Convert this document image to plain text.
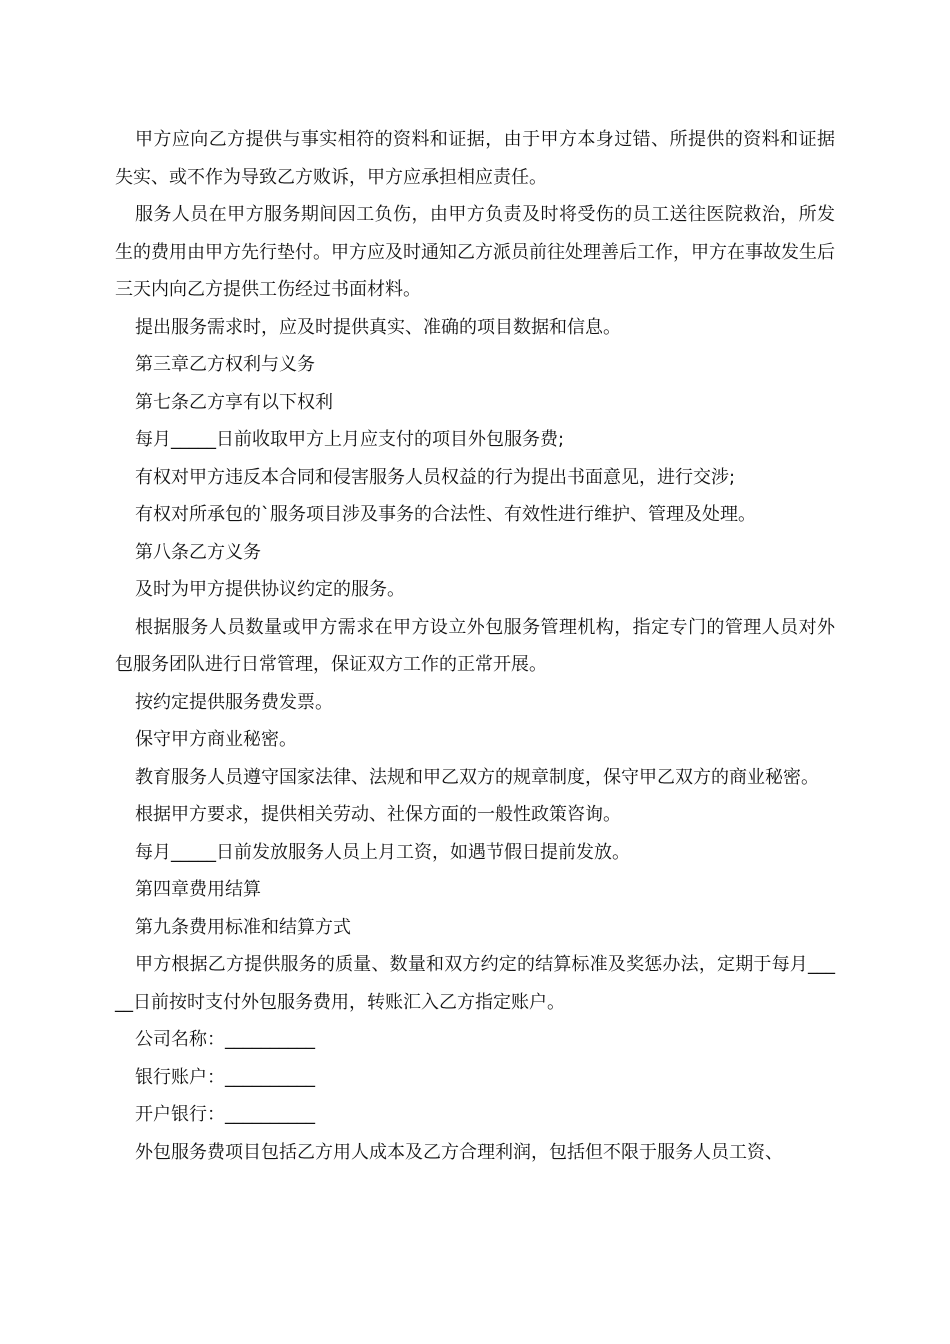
甲方应向乙方提供与事实相符的资料和证据，由于甲方本身过错、所提供的资料和证据失实、或不作为导致乙方败诉，甲方应承担相应责任。

服务人员在甲方服务期间因工负伤，由甲方负责及时将受伤的员工送往医院救治，所发生的费用由甲方先行垫付。甲方应及时通知乙方派员前往处理善后工作，甲方在事故发生后三天内向乙方提供工伤经过书面材料。

提出服务需求时，应及时提供真实、准确的项目数据和信息。

第三章乙方权利与义务

第七条乙方享有以下权利

每月_____日前收取甲方上月应支付的项目外包服务费;

有权对甲方违反本合同和侵害服务人员权益的行为提出书面意见，进行交涉;

有权对所承包的`服务项目涉及事务的合法性、有效性进行维护、管理及处理。

第八条乙方义务

及时为甲方提供协议约定的服务。

根据服务人员数量或甲方需求在甲方设立外包服务管理机构，指定专门的管理人员对外包服务团队进行日常管理，保证双方工作的正常开展。

按约定提供服务费发票。

保守甲方商业秘密。

教育服务人员遵守国家法律、法规和甲乙双方的规章制度，保守甲乙双方的商业秘密。

根据甲方要求，提供相关劳动、社保方面的一般性政策咨询。

每月_____日前发放服务人员上月工资，如遇节假日提前发放。

第四章费用结算

第九条费用标准和结算方式

甲方根据乙方提供服务的质量、数量和双方约定的结算标准及奖惩办法，定期于每月_____日前按时支付外包服务费用，转账汇入乙方指定账户。

公司名称：__________

银行账户：__________

开户银行：__________

外包服务费项目包括乙方用人成本及乙方合理利润，包括但不限于服务人员工资、
